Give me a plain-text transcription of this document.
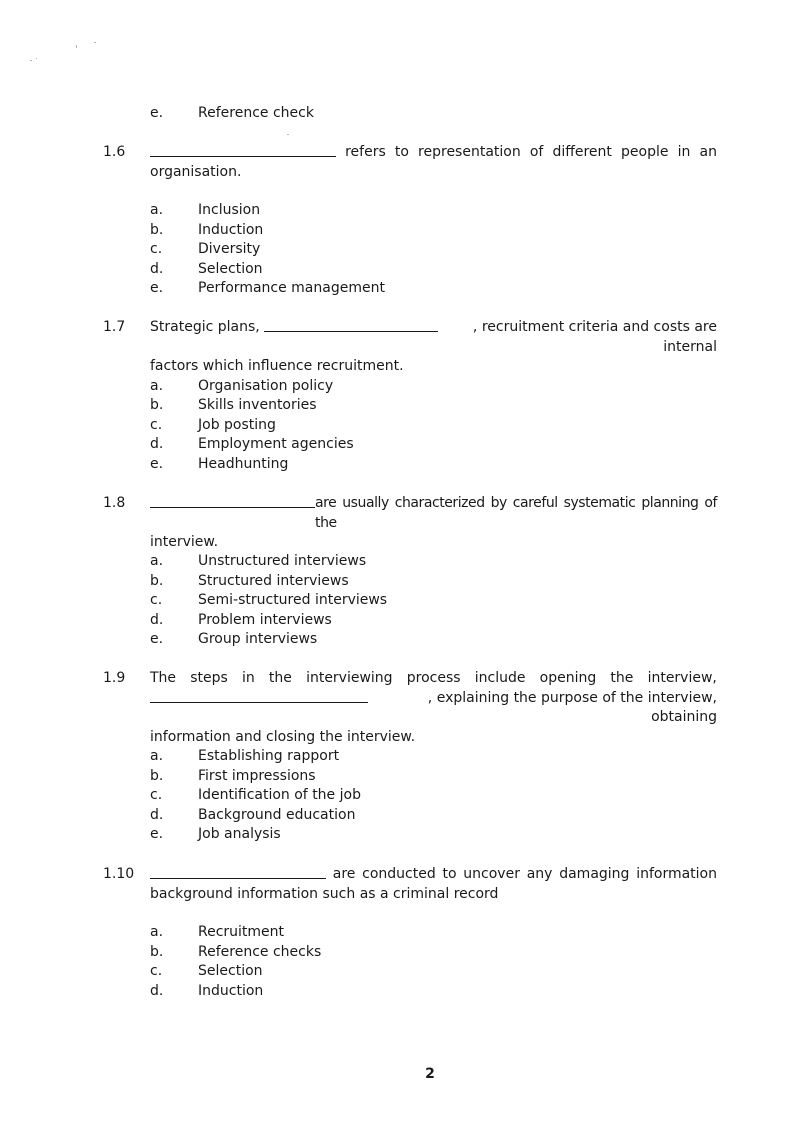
e. Reference check
1.6	refers to representation of different people in an
organisation.
a. Inclusion
b. Induction
c.	Diversity
d. Selection
e. Performance management
1.7 Strategic plans,	, recruitment criteria and costs are internal
factors which influence recruitment.
a. Organisation policy
b. Skills inventories
c.	Job posting
d. Employment agencies
e. Headhunting
1.8	are usually characterized by careful systematic planning of the
interview.
a. Unstructured interviews
b. Structured interviews
c.	Semi-structured interviews
d. Problem interviews
e. Group interviews
1.9 The steps in the interviewing process include opening the interview,
, explaining the purpose of the interview, obtaining
information and closing the interview.
a. Establishing rapport
b. First impressions
c.	Identification of the job
d. Background education
e. Job analysis
1.10	are conducted to uncover any damaging information
background information such as a criminal record
a. Recruitment
b. Reference checks
c.	Selection
d. Induction
2
